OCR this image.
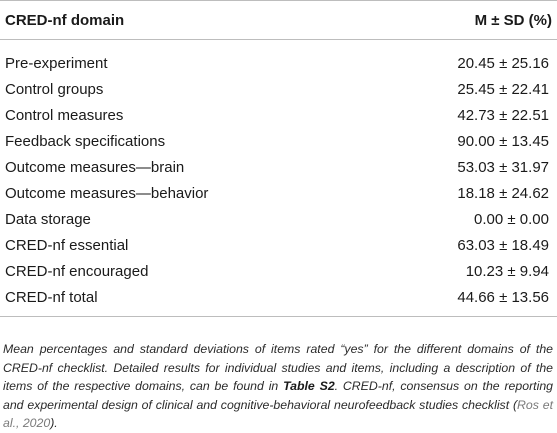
CRED-nf domain	M ± SD (%)
Pre-experiment	20.45 ± 25.16
Control groups	25.45 ± 22.41
Control measures	42.73 ± 22.51
Feedback specifications	90.00 ± 13.45
Outcome measures—brain	53.03 ± 31.97
Outcome measures—behavior	18.18 ± 24.62
Data storage	0.00 ± 0.00
CRED-nf essential	63.03 ± 18.49
CRED-nf encouraged	10.23 ± 9.94
CRED-nf total	44.66 ± 13.56
Mean percentages and standard deviations of items rated “yes” for the different domains of the CRED-nf checklist. Detailed results for individual studies and items, including a description of the items of the respective domains, can be found in Table S2. CRED-nf, consensus on the reporting and experimental design of clinical and cognitive-behavioral neurofeedback studies checklist (Ros et al., 2020).
